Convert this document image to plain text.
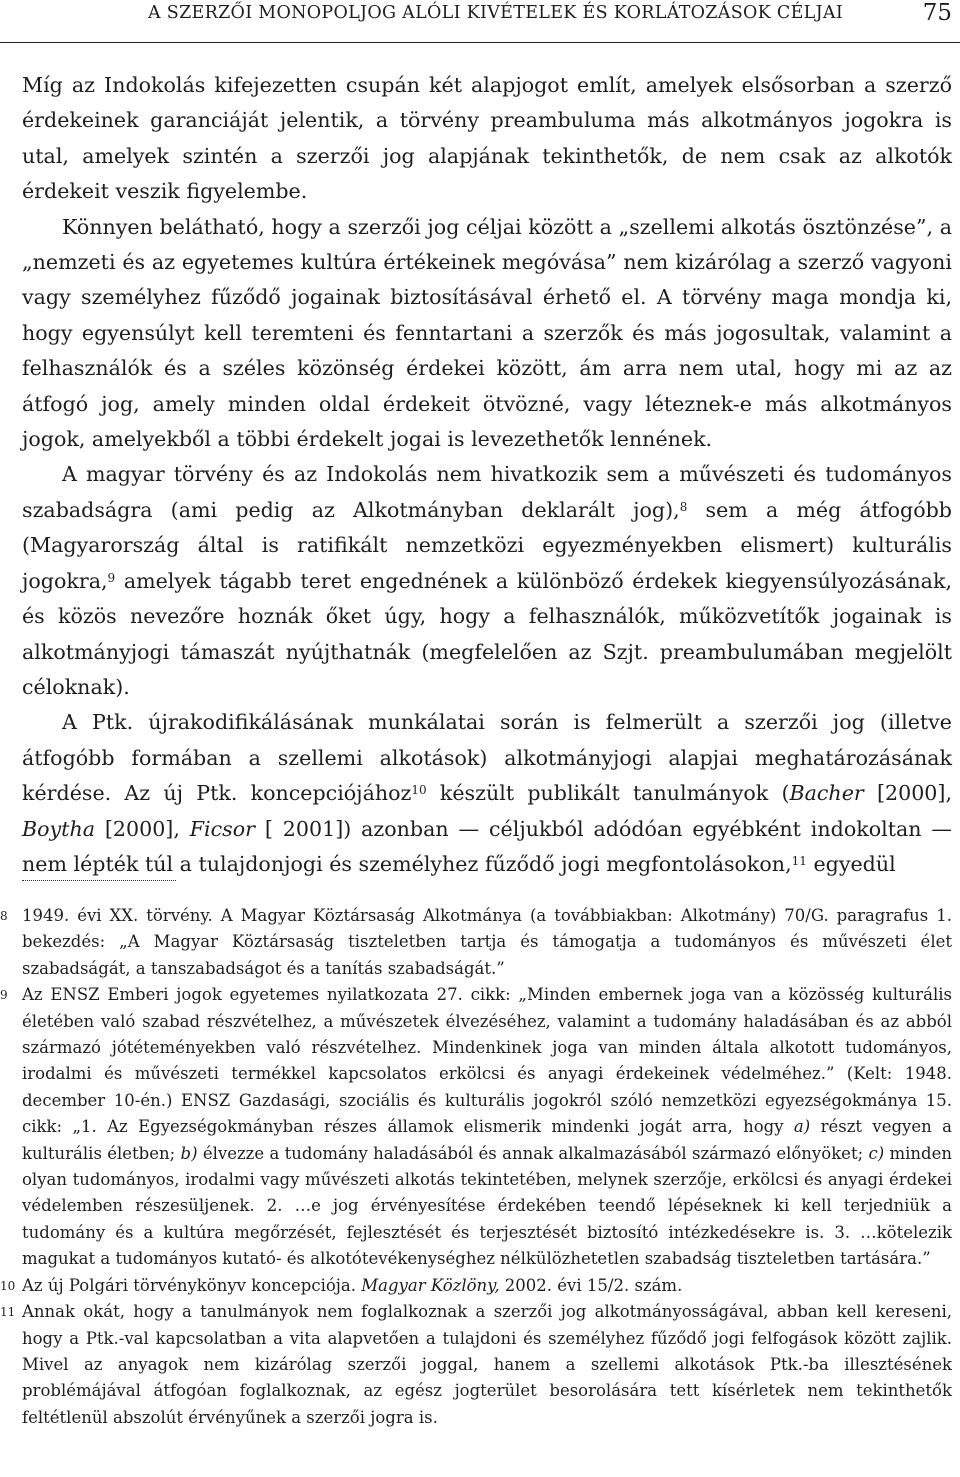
A SZERZŐI MONOPOLJOG ALÓLI KIVÉTELEK ÉS KORLÁTOZÁSOK CÉLJAI	75

Míg az Indokolás kifejezetten csupán két alapjogot említ, amelyek elsősorban a szerző érdekeinek garanciáját jelentik, a törvény preambuluma más alkotmányos jogokra is utal, amelyek szintén a szerzői jog alapjának tekinthetők, de nem csak az alkotók érdekeit veszik figyelembe.

Könnyen belátható, hogy a szerzői jog céljai között a „szellemi alkotás ösztönzése”, a „nemzeti és az egyetemes kultúra értékeinek megóvása” nem kizárólag a szerző vagyoni vagy személyhez fűződő jogainak biztosításával érhető el. A törvény maga mondja ki, hogy egyensúlyt kell teremteni és fenntartani a szerzők és más jogosultak, valamint a felhasználók és a széles közönség érdekei között, ám arra nem utal, hogy mi az az átfogó jog, amely minden oldal érdekeit ötvözné, vagy léteznek-e más alkotmányos jogok, amelyekből a többi érdekelt jogai is levezethetők lennének.

A magyar törvény és az Indokolás nem hivatkozik sem a művészeti és tudományos szabadságra (ami pedig az Alkotmányban deklarált jog),$^8$ sem a még átfogóbb (Magyarország által is ratifikált nemzetközi egyezményekben elismert) kulturális jogokra,$^9$ amelyek tágabb teret engednének a különböző érdekek kiegyensúlyozásának, és közös nevezőre hoznák őket úgy, hogy a felhasználók, műközvetítők jogainak is alkotmányjogi támaszát nyújthatnák (megfelelően az Szjt. preambulumában megjelölt céloknak).

A Ptk. újrakodifikálásának munkálatai során is felmerült a szerzői jog (illetve átfogóbb formában a szellemi alkotások) alkotmányjogi alapjai meghatározásának kérdése. Az új Ptk. koncepciójához$^{10}$ készült publikált tanulmányok (Bacher [2000], Boytha [2000], Ficsor [ 2001]) azonban — céljukból adódóan egyébként indokoltan — nem lépték túl a tulajdonjogi és személyhez fűződő jogi megfontolásokon,$^{11}$ egyedül

8 1949. évi XX. törvény. A Magyar Köztársaság Alkotmánya (a továbbiakban: Alkotmány) 70/G. paragrafus 1. bekezdés: „A Magyar Köztársaság tiszteletben tartja és támogatja a tudományos és művészeti élet szabadságát, a tanszabadságot és a tanítás szabadságát.”
9 Az ENSZ Emberi jogok egyetemes nyilatkozata 27. cikk: „Minden embernek joga van a közösség kulturális életében való szabad részvételhez, a művészetek élvezéséhez, valamint a tudomány haladásában és az abból származó jótéteményekben való részvételhez. Mindenkinek joga van minden általa alkotott tudományos, irodalmi és művészeti termékkel kapcsolatos erkölcsi és anyagi érdekeinek védelméhez.” (Kelt: 1948. december 10-én.) ENSZ Gazdasági, szociális és kulturális jogokról szóló nemzetközi egyezségokmánya 15. cikk: „1. Az Egyezségokmányban részes államok elismerik mindenki jogát arra, hogy a) részt vegyen a kulturális életben; b) élvezze a tudomány haladásából és annak alkalmazásából származó előnyöket; c) minden olyan tudományos, irodalmi vagy művészeti alkotás tekintetében, melynek szerzője, erkölcsi és anyagi érdekei védelemben részesüljenek. 2. …e jog érvényesítése érdekében teendő lépéseknek ki kell terjedniük a tudomány és a kultúra megőrzését, fejlesztését és terjesztését biztosító intézkedésekre is. 3. …kötelezik magukat a tudományos kutató- és alkotótevékenységhez nélkülözhetetlen szabadság tiszteletben tartására.”
10 Az új Polgári törvénykönyv koncepciója. Magyar Közlöny, 2002. évi 15/2. szám.
11 Annak okát, hogy a tanulmányok nem foglalkoznak a szerzői jog alkotmányosságával, abban kell kereseni, hogy a Ptk.-val kapcsolatban a vita alapvetően a tulajdoni és személyhez fűződő jogi felfogások között zajlik. Mivel az anyagok nem kizárólag szerzői joggal, hanem a szellemi alkotások Ptk.-ba illesztésének problémájával átfogóan foglalkoznak, az egész jogterület besorolására tett kísérletek nem tekinthetők feltétlenül abszolút érvényűnek a szerzői jogra is.
